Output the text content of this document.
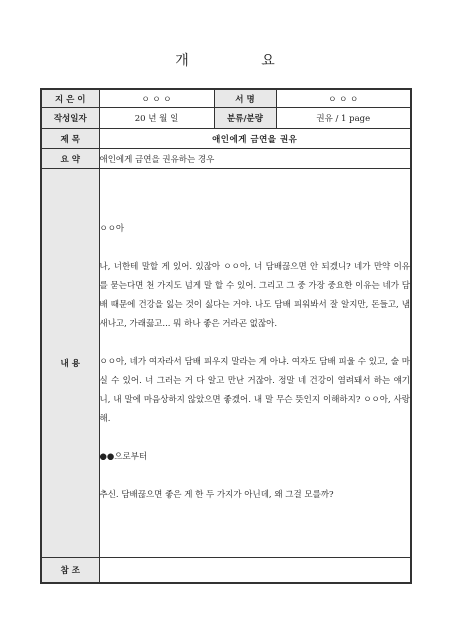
개 요
지 은 이	ㅇ ㅇ ㅇ	서 명	ㅇ ㅇ ㅇ
작성일자	20 년 월 일	분류/분량	권유 / 1 page
제 목	애인에게 금연을 권유		
요 약	애인에게 금연을 권유하는 경우		
내 용	ㅇㅇ아

나, 너한테 말할 게 있어. 있잖아 ㅇㅇ아, 너 담배끊으면 안 되겠니? 네가 만약 이유를 묻는다면 천 가지도 넘게 말 할 수 있어. 그리고 그 중 가장 중요한 이유는 네가 담배 때문에 건강을 잃는 것이 싫다는 거야. 나도 담배 피워봐서 잘 알지만, 돈들고, 냄새나고, 가래끓고... 뭐 하나 좋은 거라곤 없잖아.

ㅇㅇ아, 네가 여자라서 담배 피우지 말라는 게 아냐. 여자도 담배 피울 수 있고, 술 마실 수 있어. 너 그러는 거 다 알고 만난 거잖아. 정말 네 건강이 염려돼서 하는 얘기니, 내 말에 마음상하지 않았으면 좋겠어. 내 말 무슨 뜻인지 이해하지? ㅇㅇ아, 사랑해.

●●으로부터

추신. 담배끊으면 좋은 게 한 두 가지가 아닌데, 왜 그걸 모를까?		

참 조			
